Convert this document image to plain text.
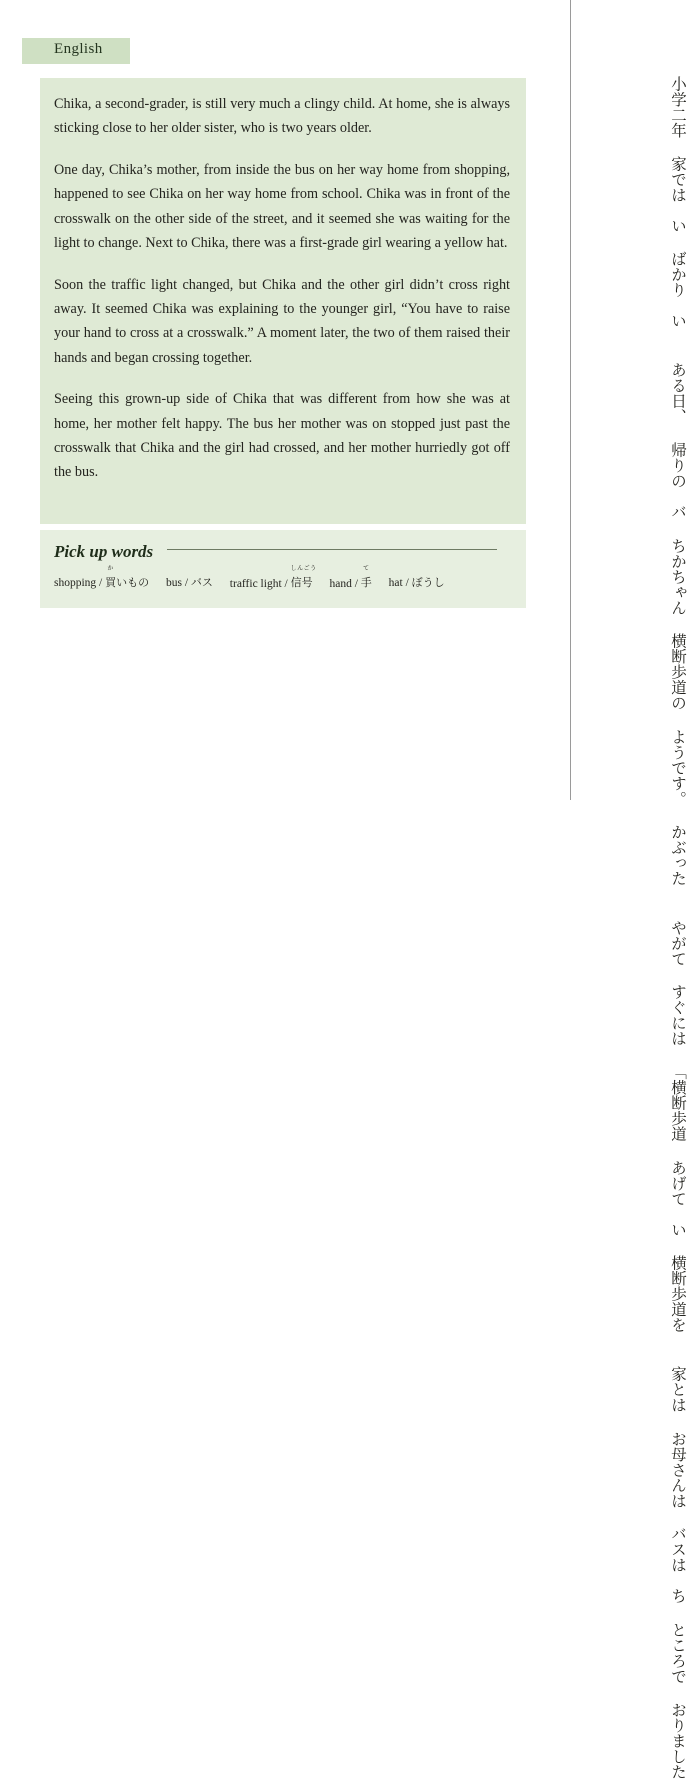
English

Chika, a second-grader, is still very much a clingy child. At home, she is always sticking close to her older sister, who is two years older.

One day, Chika’s mother, from inside the bus on her way home from shopping, happened to see Chika on her way home from school. Chika was in front of the crosswalk on the other side of the street, and it seemed she was waiting for the light to change. Next to Chika, there was a first-grade girl wearing a yellow hat.

Soon the traffic light changed, but Chika and the other girl didn’t cross right away. It seemed Chika was explaining to the younger girl, “You have to raise your hand to cross at a crosswalk.” A moment later, the two of them raised their hands and began crossing together.

Seeing this grown-up side of Chika that was different from how she was at home, her mother felt happy. The bus her mother was on stopped just past the crosswalk that Chika and the girl had crossed, and her mother hurriedly got off the bus.

Pick up words
shopping /
か
買いもの bus / バス traffic light /
しんごう
信号 hand /
て
手 hat / ぼうし
小学二年 家では　い ばかり　い ある日、 帰りの　バ ちかちゃん 横断歩道の ようです。 かぶった やがて すぐには 「横断歩道 あげて　い 横断歩道を 家とは お母さんは バスは　ち ところで おりました
